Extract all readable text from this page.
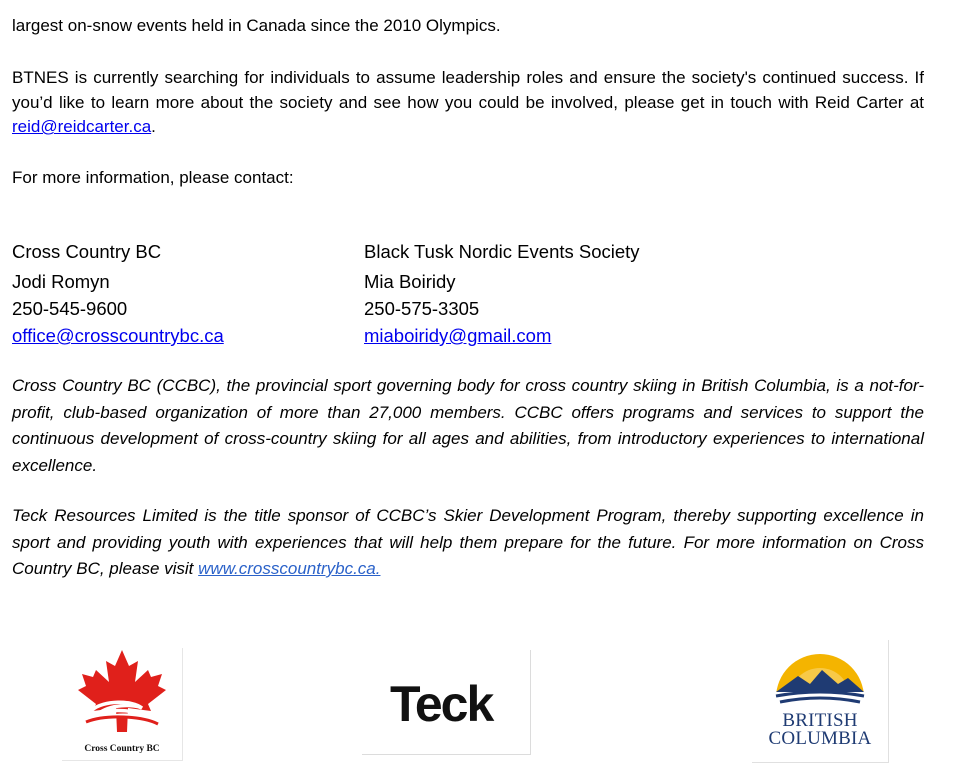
largest on-snow events held in Canada since the 2010 Olympics.

BTNES is currently searching for individuals to assume leadership roles and ensure the society's continued success. If you’d like to learn more about the society and see how you could be involved, please get in touch with Reid Carter at reid@reidcarter.ca.

For more information, please contact:

Cross Country BC
Jodi Romyn
250-545-9600
office@crosscountrybc.ca
Black Tusk Nordic Events Society
Mia Boiridy
250-575-3305
miaboiridy@gmail.com

Cross Country BC (CCBC), the provincial sport governing body for cross country skiing in British Columbia, is a not-for-profit, club-based organization of more than 27,000 members. CCBC offers programs and services to support the continuous development of cross-country skiing for all ages and abilities, from introductory experiences to international excellence.

Teck Resources Limited is the title sponsor of CCBC’s Skier Development Program, thereby supporting excellence in sport and providing youth with experiences that will help them prepare for the future. For more information on Cross Country BC, please visit www.crosscountrybc.ca.

Cross Country BC
Teck	BRITISH
COLUMBIA
